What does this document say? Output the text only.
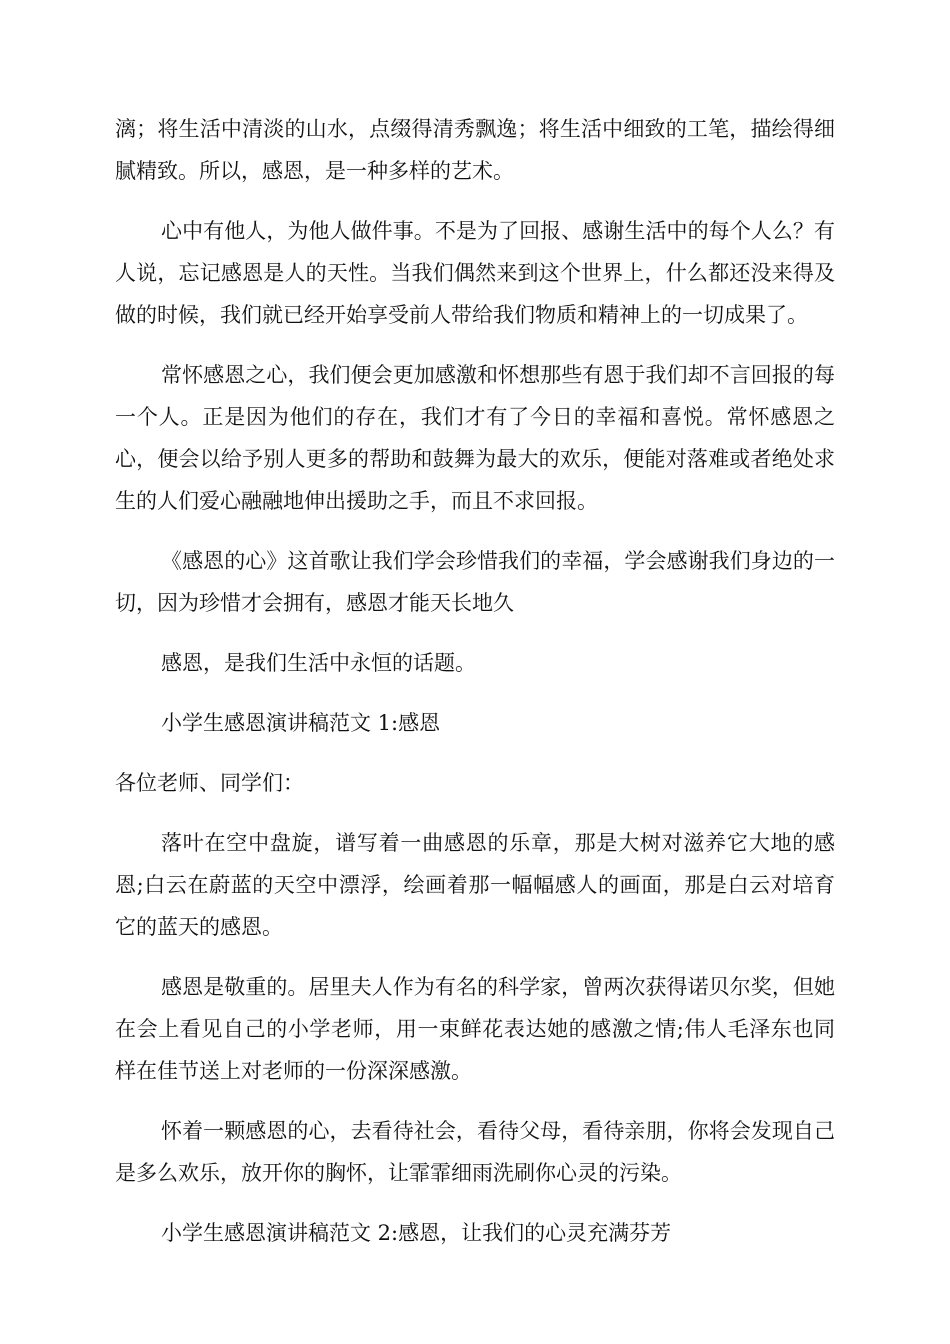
漓；将生活中清淡的山水，点缀得清秀飘逸；将生活中细致的工笔，描绘得细腻精致。所以，感恩，是一种多样的艺术。

心中有他人，为他人做件事。不是为了回报、感谢生活中的每个人么？有人说，忘记感恩是人的天性。当我们偶然来到这个世界上，什么都还没来得及做的时候，我们就已经开始享受前人带给我们物质和精神上的一切成果了。

常怀感恩之心，我们便会更加感激和怀想那些有恩于我们却不言回报的每一个人。正是因为他们的存在，我们才有了今日的幸福和喜悦。常怀感恩之心，便会以给予别人更多的帮助和鼓舞为最大的欢乐，便能对落难或者绝处求生的人们爱心融融地伸出援助之手，而且不求回报。

《感恩的心》这首歌让我们学会珍惜我们的幸福，学会感谢我们身边的一切，因为珍惜才会拥有，感恩才能天长地久

感恩，是我们生活中永恒的话题。

小学生感恩演讲稿范文 1:感恩

各位老师、同学们：

落叶在空中盘旋，谱写着一曲感恩的乐章，那是大树对滋养它大地的感恩;白云在蔚蓝的天空中漂浮，绘画着那一幅幅感人的画面，那是白云对培育它的蓝天的感恩。

感恩是敬重的。居里夫人作为有名的科学家，曾两次获得诺贝尔奖，但她在会上看见自己的小学老师，用一束鲜花表达她的感激之情;伟人毛泽东也同样在佳节送上对老师的一份深深感激。

怀着一颗感恩的心，去看待社会，看待父母，看待亲朋，你将会发现自己是多么欢乐，放开你的胸怀，让霏霏细雨洗刷你心灵的污染。

小学生感恩演讲稿范文 2:感恩，让我们的心灵充满芬芳
